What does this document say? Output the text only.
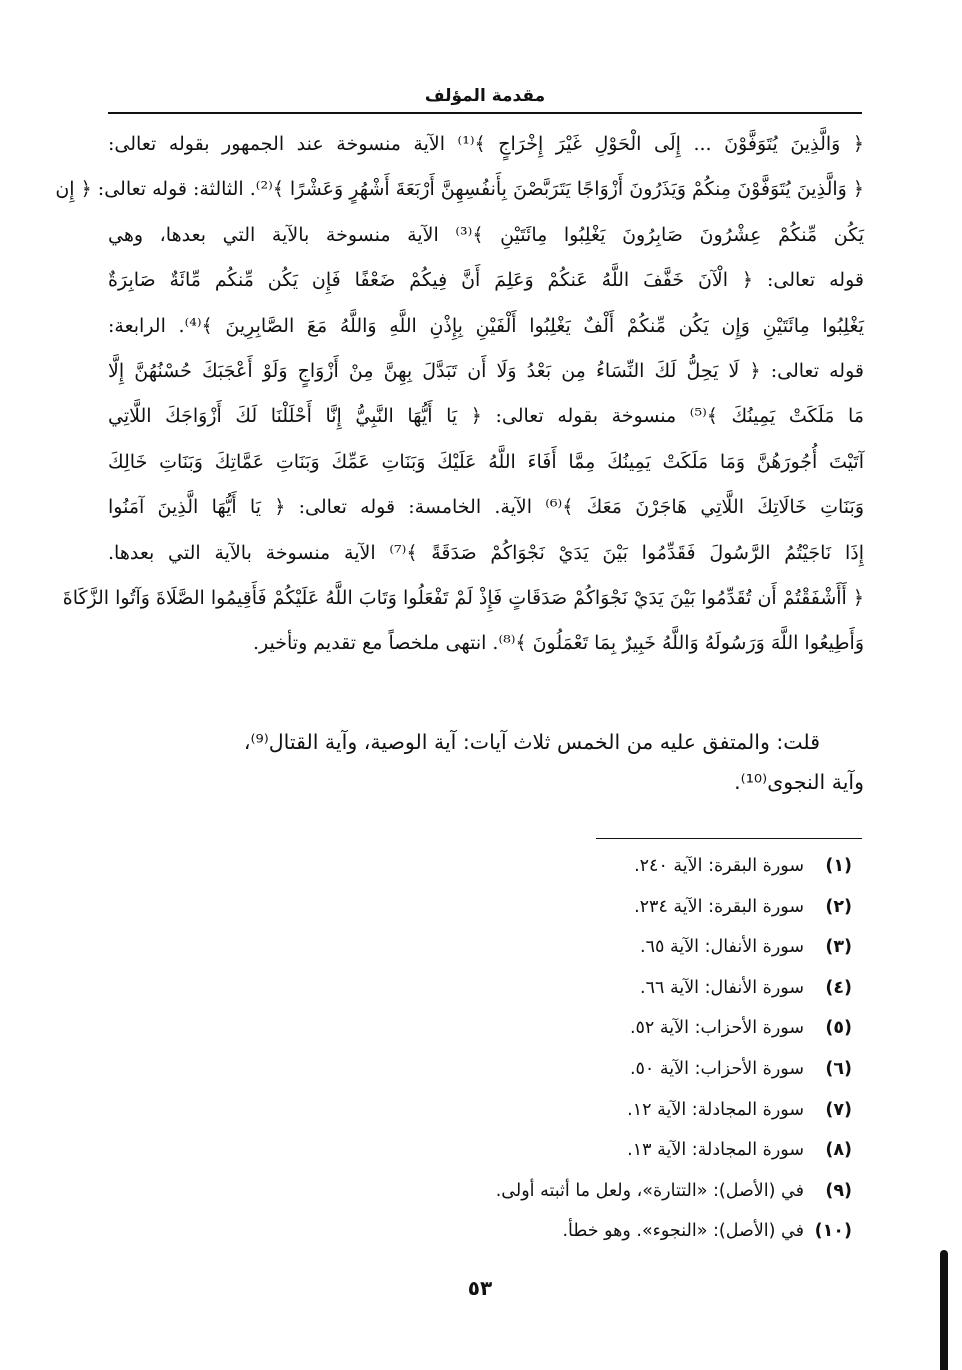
مقدمة المؤلف
﴿ وَالَّذِينَ يُتَوَفَّوْنَ ... إِلَى الْحَوْلِ غَيْرَ إِخْرَاجٍ ﴾⁽¹⁾ الآية منسوخة عند الجمهور بقوله تعالى:
﴿ وَالَّذِينَ يُتَوَفَّوْنَ مِنكُمْ وَيَذَرُونَ أَزْوَاجًا يَتَرَبَّصْنَ بِأَنفُسِهِنَّ أَرْبَعَةَ أَشْهُرٍ وَعَشْرًا ﴾⁽²⁾. الثالثة: قوله تعالى: ﴿ إِن
يَكُن مِّنكُمْ عِشْرُونَ صَابِرُونَ يَغْلِبُوا مِائَتَيْنِ ﴾⁽³⁾ الآية منسوخة بالآية التي بعدها، وهي
قوله تعالى: ﴿ الْآنَ خَفَّفَ اللَّهُ عَنكُمْ وَعَلِمَ أَنَّ فِيكُمْ ضَعْفًا فَإِن يَكُن مِّنكُم مِّائَةٌ صَابِرَةٌ
يَغْلِبُوا مِائَتَيْنِ وَإِن يَكُن مِّنكُمْ أَلْفٌ يَغْلِبُوا أَلْفَيْنِ بِإِذْنِ اللَّهِ وَاللَّهُ مَعَ الصَّابِرِينَ ﴾⁽⁴⁾. الرابعة:
قوله تعالى: ﴿ لَا يَحِلُّ لَكَ النِّسَاءُ مِن بَعْدُ وَلَا أَن تَبَدَّلَ بِهِنَّ مِنْ أَزْوَاجٍ وَلَوْ أَعْجَبَكَ حُسْنُهُنَّ إِلَّا
مَا مَلَكَتْ يَمِينُكَ ﴾⁽⁵⁾ منسوخة بقوله تعالى: ﴿ يَا أَيُّهَا النَّبِيُّ إِنَّا أَحْلَلْنَا لَكَ أَزْوَاجَكَ اللَّاتِي
آتَيْتَ أُجُورَهُنَّ وَمَا مَلَكَتْ يَمِينُكَ مِمَّا أَفَاءَ اللَّهُ عَلَيْكَ وَبَنَاتِ عَمِّكَ وَبَنَاتِ عَمَّاتِكَ وَبَنَاتِ خَالِكَ
وَبَنَاتِ خَالَاتِكَ اللَّاتِي هَاجَرْنَ مَعَكَ ﴾⁽⁶⁾ الآية. الخامسة: قوله تعالى: ﴿ يَا أَيُّهَا الَّذِينَ آمَنُوا
إِذَا نَاجَيْتُمُ الرَّسُولَ فَقَدِّمُوا بَيْنَ يَدَيْ نَجْوَاكُمْ صَدَقَةً ﴾⁽⁷⁾ الآية منسوخة بالآية التي بعدها.
﴿ أَأَشْفَقْتُمْ أَن تُقَدِّمُوا بَيْنَ يَدَيْ نَجْوَاكُمْ صَدَقَاتٍ فَإِذْ لَمْ تَفْعَلُوا وَتَابَ اللَّهُ عَلَيْكُمْ فَأَقِيمُوا الصَّلَاةَ وَآتُوا الزَّكَاةَ
وَأَطِيعُوا اللَّهَ وَرَسُولَهُ وَاللَّهُ خَبِيرٌ بِمَا تَعْمَلُونَ ﴾⁽⁸⁾. انتهى ملخصاً مع تقديم وتأخير.
قلت: والمتفق عليه من الخمس ثلاث آيات: آية الوصية، وآية القتال⁽⁹⁾،
وآية النجوى⁽¹⁰⁾.
(١)سورة البقرة: الآية ٢٤٠.
(٢)سورة البقرة: الآية ٢٣٤.
(٣)سورة الأنفال: الآية ٦٥.
(٤)سورة الأنفال: الآية ٦٦.
(٥)سورة الأحزاب: الآية ٥٢.
(٦)سورة الأحزاب: الآية ٥٠.
(٧)سورة المجادلة: الآية ١٢.
(٨)سورة المجادلة: الآية ١٣.
(٩)في (الأصل): «التتارة»، ولعل ما أثبته أولى.
(١٠)في (الأصل): «النجوء». وهو خطأ.
٥٣
